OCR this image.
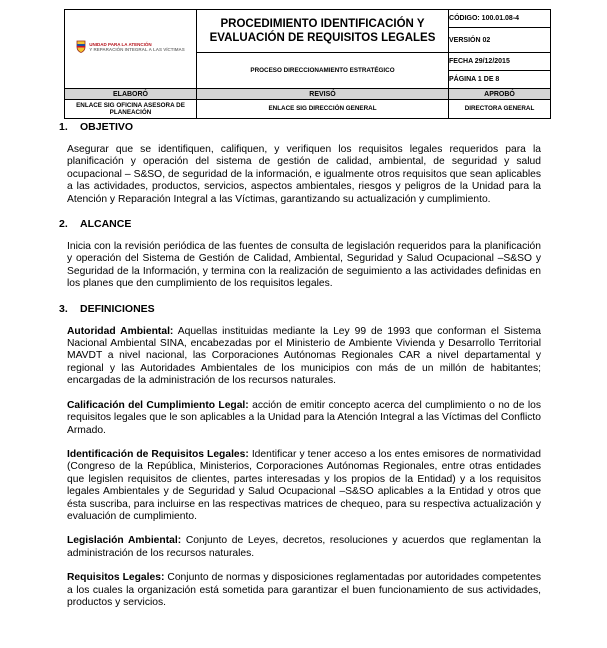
UNIDAD PARA LA ATENCIÓN
Y REPARACIÓN INTEGRAL A LAS VÍCTIMAS	PROCEDIMIENTO IDENTIFICACIÓN Y EVALUACIÓN DE REQUISITOS LEGALES	CÓDIGO: 100.01.08-4
		VERSIÓN 02
	PROCESO DIRECCIONAMIENTO ESTRATÉGICO	FECHA 29/12/2015
		PÁGINA 1 DE 8
ELABORÓ	REVISÓ	APROBÓ
ENLACE SIG OFICINA ASESORA DE PLANEACIÓN	ENLACE SIG DIRECCIÓN GENERAL	DIRECTORA GENERAL
1. OBJETIVO

Asegurar que se identifiquen, califiquen, y verifiquen los requisitos legales requeridos para la planificación y operación del sistema de gestión de calidad, ambiental, de seguridad y salud ocupacional – S&SO, de seguridad de la información, e igualmente otros requisitos que sean aplicables a las actividades, productos, servicios, aspectos ambientales, riesgos y peligros de la Unidad para la Atención y Reparación Integral a las Víctimas, garantizando su actualización y cumplimiento.

2. ALCANCE

Inicia con la revisión periódica de las fuentes de consulta de legislación requeridos para la planificación y operación del Sistema de Gestión de Calidad, Ambiental, Seguridad y Salud Ocupacional –S&SO y Seguridad de la Información, y termina con la realización de seguimiento a las actividades definidas en los planes que den cumplimiento de los requisitos legales.

3. DEFINICIONES

Autoridad Ambiental: Aquellas instituidas mediante la Ley 99 de 1993 que conforman el Sistema Nacional Ambiental SINA, encabezadas por el Ministerio de Ambiente Vivienda y Desarrollo Territorial MAVDT a nivel nacional, las Corporaciones Autónomas Regionales CAR a nivel departamental y regional y las Autoridades Ambientales de los municipios con más de un millón de habitantes; encargadas de la administración de los recursos naturales.

Calificación del Cumplimiento Legal: acción de emitir concepto acerca del cumplimiento o no de los requisitos legales que le son aplicables a la Unidad para la Atención Integral a las Víctimas del Conflicto Armado.

Identificación de Requisitos Legales: Identificar y tener acceso a los entes emisores de normatividad (Congreso de la República, Ministerios, Corporaciones Autónomas Regionales, entre otras entidades que legislen requisitos de clientes, partes interesadas y los propios de la Entidad) y a los requisitos legales Ambientales y de Seguridad y Salud Ocupacional –S&SO aplicables a la Entidad y otros que ésta suscriba, para incluirse en las respectivas matrices de chequeo, para su respectiva actualización y evaluación de cumplimiento.

Legislación Ambiental: Conjunto de Leyes, decretos, resoluciones y acuerdos que reglamentan la administración de los recursos naturales.

Requisitos Legales: Conjunto de normas y disposiciones reglamentadas por autoridades competentes a los cuales la organización está sometida para garantizar el buen funcionamiento de sus actividades, productos y servicios.
